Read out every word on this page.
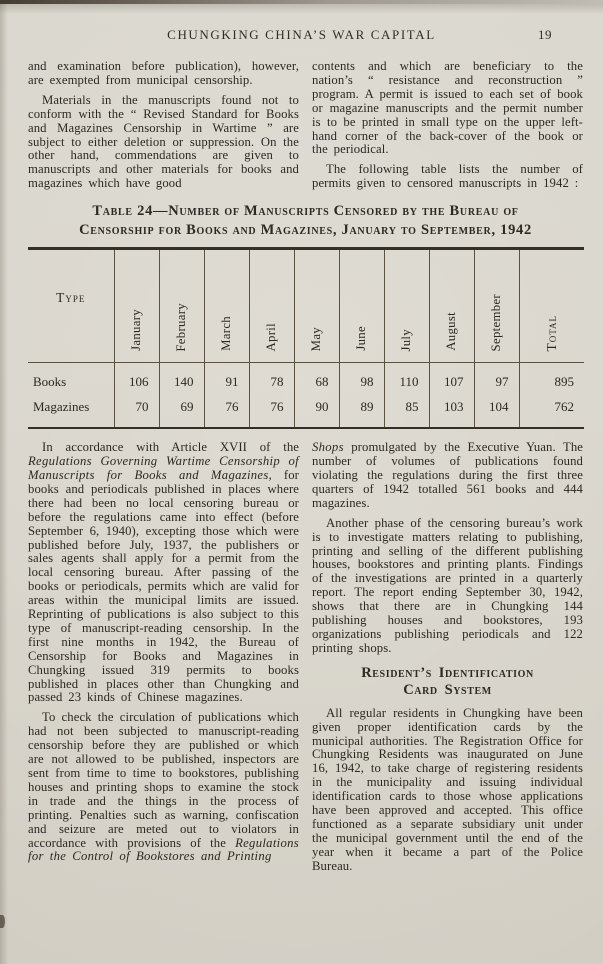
CHUNGKING CHINA’S WAR CAPITAL	19

and examination before publication), however, are exempted from municipal censorship.

Materials in the manuscripts found not to conform with the “ Revised Standard for Books and Magazines Censorship in Wartime ” are subject to either deletion or suppression. On the other hand, commendations are given to manuscripts and other materials for books and magazines which have good

contents and which are beneficiary to the nation’s “ resistance and reconstruction ” program. A permit is issued to each set of book or magazine manuscripts and the permit number is to be printed in small type on the upper left-hand corner of the back-cover of the book or the periodical.

The following table lists the number of permits given to censored manuscripts in 1942 :

Table 24—Number of Manuscripts Censored by the Bureau of
Censorship for Books and Magazines, January to September, 1942
Type	January	February	March	April	May	June	July	August	September	Total
Books	106	140	91	78	68	98	110	107	97	895
Magazines	70	69	76	76	90	89	85	103	104	762

In accordance with Article XVII of the Regulations Governing Wartime Censorship of Manuscripts for Books and Magazines, for books and periodicals published in places where there had been no local censoring bureau or before the regulations came into effect (before September 6, 1940), excepting those which were published before July, 1937, the publishers or sales agents shall apply for a permit from the local censoring bureau. After passing of the books or periodicals, permits which are valid for areas within the municipal limits are issued. Reprinting of publications is also subject to this type of manuscript-reading censorship. In the first nine months in 1942, the Bureau of Censorship for Books and Magazines in Chungking issued 319 permits to books published in places other than Chungking and passed 23 kinds of Chinese magazines.

To check the circulation of publications which had not been subjected to manuscript-reading censorship before they are published or which are not allowed to be published, inspectors are sent from time to time to bookstores, publishing houses and printing shops to examine the stock in trade and the things in the process of printing. Penalties such as warning, confiscation and seizure are meted out to violators in accordance with provisions of the Regulations for the Control of Bookstores and Printing

Shops promulgated by the Executive Yuan. The number of volumes of publications found violating the regulations during the first three quarters of 1942 totalled 561 books and 444 magazines.

Another phase of the censoring bureau’s work is to investigate matters relating to publishing, printing and selling of the different publishing houses, bookstores and printing plants. Findings of the investigations are printed in a quarterly report. The report ending September 30, 1942, shows that there are in Chungking 144 publishing houses and bookstores, 193 organizations publishing periodicals and 122 printing shops.

Resident’s Identification
Card System

All regular residents in Chungking have been given proper identification cards by the municipal authorities. The Registration Office for Chungking Residents was inaugurated on June 16, 1942, to take charge of registering residents in the municipality and issuing individual identification cards to those whose applications have been approved and accepted. This office functioned as a separate subsidiary unit under the municipal government until the end of the year when it became a part of the Police Bureau.
